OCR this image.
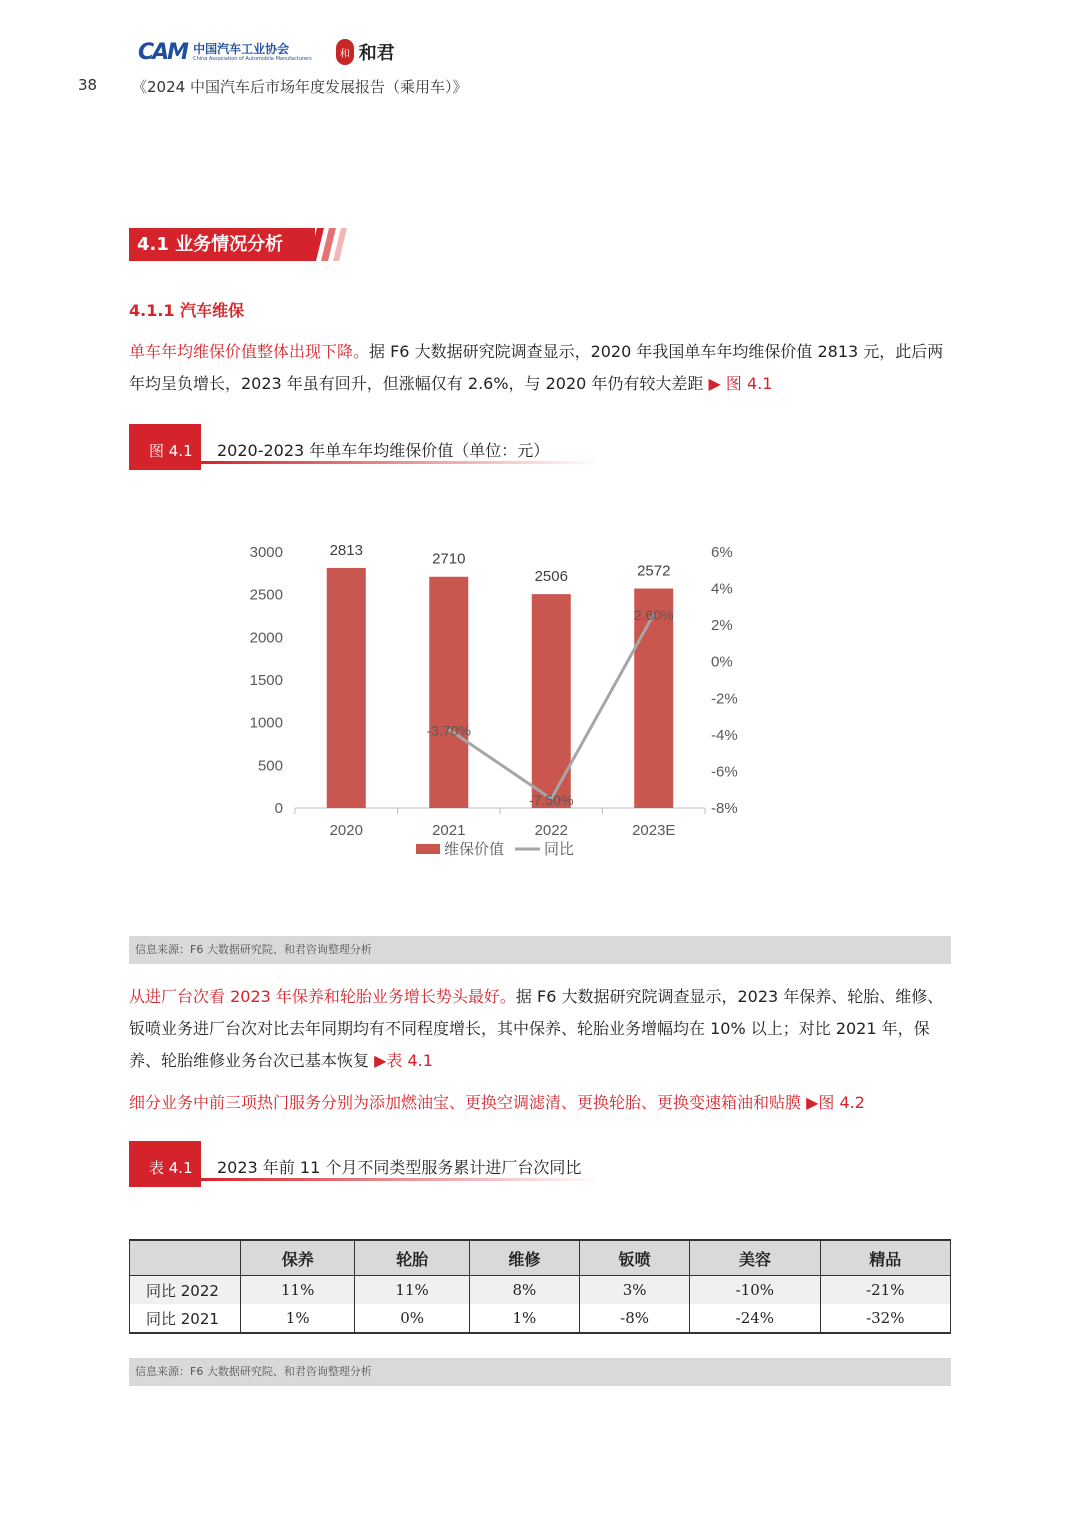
CAM 中国汽车工业协会
China Association of Automobile Manufacturers	和 和君
38 《2024 中国汽车后市场年度发展报告（乘用车）》
4.1 业务情况分析
4.1.1 汽车维保
单车年均维保价值整体出现下降。据 F6 大数据研究院调查显示，2020 年我国单车年均维保价值 2813 元，此后两年均呈负增长，2023 年虽有回升，但涨幅仅有 2.6%，与 2020 年仍有较大差距 ▶ 图 4.1
图 4.1 2020-2023 年单车年均维保价值（单位：元）
0
500
1000
1500
2000
2500
3000
-8%
-6%
-4%
-2%
0%
2%
4%
6%
2813
2710
2506	2572
2020	2021	2022	2023E
-3.70%
-7.50%
2.60%
维保价值	同比
信息来源：F6 大数据研究院、和君咨询整理分析
从进厂台次看 2023 年保养和轮胎业务增长势头最好。据 F6 大数据研究院调查显示，2023 年保养、轮胎、维修、钣喷业务进厂台次对比去年同期均有不同程度增长，其中保养、轮胎业务增幅均在 10% 以上；对比 2021 年，保养、轮胎维修业务台次已基本恢复 ▶表 4.1
细分业务中前三项热门服务分别为添加燃油宝、更换空调滤清、更换轮胎、更换变速箱油和贴膜 ▶图 4.2
表 4.1 2023 年前 11 个月不同类型服务累计进厂台次同比
	保养	轮胎	维修	钣喷	美容	精品
同比 2022	11%	11%	8%	3%	-10%	-21%
同比 2021	1%	0%	1%	-8%	-24%	-32%
信息来源：F6 大数据研究院、和君咨询整理分析
